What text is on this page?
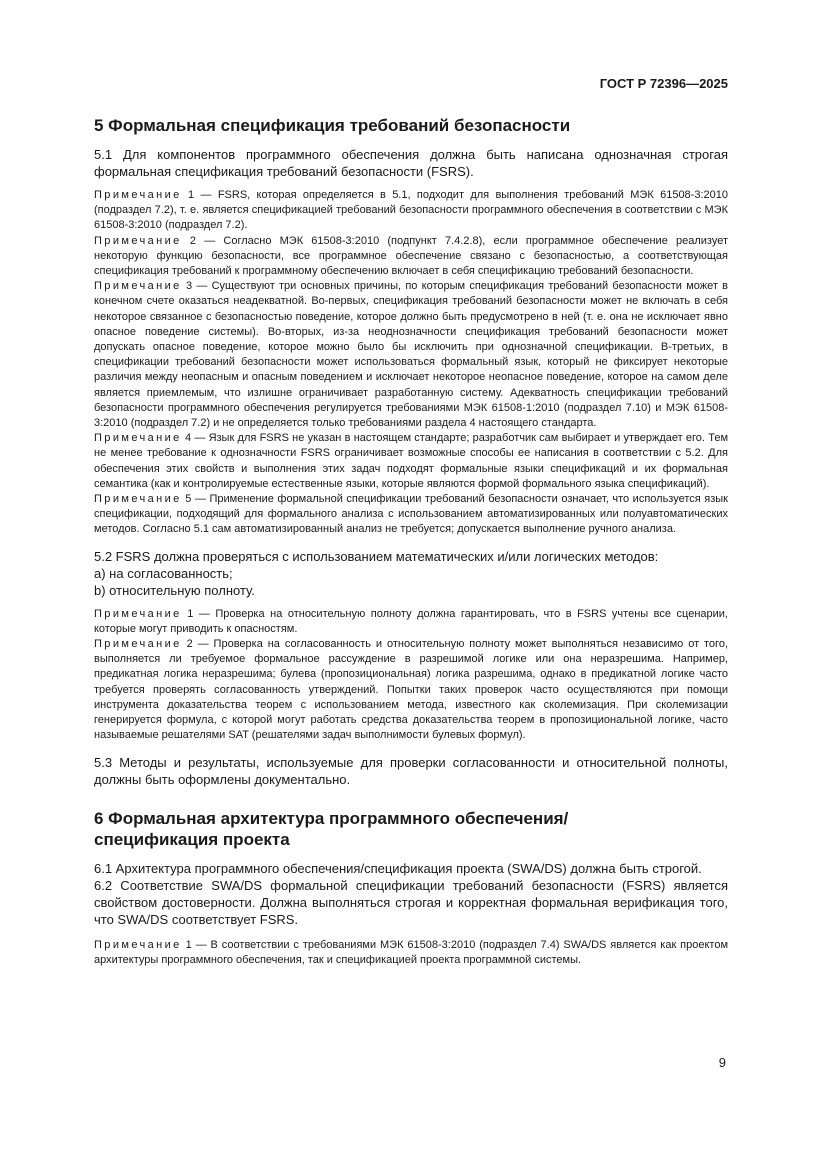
ГОСТ Р 72396—2025
5 Формальная спецификация требований безопасности

5.1 Для компонентов программного обеспечения должна быть написана однозначная строгая формальная спецификация требований безопасности (FSRS).

Примечание 1 — FSRS, которая определяется в 5.1, подходит для выполнения требований МЭК 61508-3:2010 (подраздел 7.2), т. е. является спецификацией требований безопасности программного обеспечения в соответствии с МЭК 61508-3:2010 (подраздел 7.2).

Примечание 2 — Согласно МЭК 61508-3:2010 (подпункт 7.4.2.8), если программное обеспечение реализует некоторую функцию безопасности, все программное обеспечение связано с безопасностью, а соответствующая спецификация требований к программному обеспечению включает в себя спецификацию требований безопасности.

Примечание 3 — Существуют три основных причины, по которым спецификация требований безопасности может в конечном счете оказаться неадекватной. Во-первых, спецификация требований безопасности может не включать в себя некоторое связанное с безопасностью поведение, которое должно быть предусмотрено в ней (т. е. она не исключает явно опасное поведение системы). Во-вторых, из-за неоднозначности спецификация требований безопасности может допускать опасное поведение, которое можно было бы исключить при однозначной спецификации. В-третьих, в спецификации требований безопасности может использоваться формальный язык, который не фиксирует некоторые различия между неопасным и опасным поведением и исключает некоторое неопасное поведение, которое на самом деле является приемлемым, что излишне ограничивает разработанную систему. Адекватность спецификации требований безопасности программного обеспечения регулируется требованиями МЭК 61508-1:2010 (подраздел 7.10) и МЭК 61508-3:2010 (подраздел 7.2) и не определяется только требованиями раздела 4 настоящего стандарта.

Примечание 4 — Язык для FSRS не указан в настоящем стандарте; разработчик сам выбирает и утверждает его. Тем не менее требование к однозначности FSRS ограничивает возможные способы ее написания в соответствии с 5.2. Для обеспечения этих свойств и выполнения этих задач подходят формальные языки спецификаций и их формальная семантика (как и контролируемые естественные языки, которые являются формой формального языка спецификаций).

Примечание 5 — Применение формальной спецификации требований безопасности означает, что используется язык спецификации, подходящий для формального анализа с использованием автоматизированных или полуавтоматических методов. Согласно 5.1 сам автоматизированный анализ не требуется; допускается выполнение ручного анализа.

5.2 FSRS должна проверяться с использованием математических и/или логических методов:

a) на согласованность;

b) относительную полноту.

Примечание 1 — Проверка на относительную полноту должна гарантировать, что в FSRS учтены все сценарии, которые могут приводить к опасностям.

Примечание 2 — Проверка на согласованность и относительную полноту может выполняться независимо от того, выполняется ли требуемое формальное рассуждение в разрешимой логике или она неразрешима. Например, предикатная логика неразрешима; булева (пропозициональная) логика разрешима, однако в предикатной логике часто требуется проверять согласованность утверждений. Попытки таких проверок часто осуществляются при помощи инструмента доказательства теорем с использованием метода, известного как сколемизация. При сколемизации генерируется формула, с которой могут работать средства доказательства теорем в пропозициональной логике, часто называемые решателями SAT (решателями задач выполнимости булевых формул).

5.3 Методы и результаты, используемые для проверки согласованности и относительной полноты, должны быть оформлены документально.

6 Формальная архитектура программного обеспечения/
спецификация проекта

6.1 Архитектура программного обеспечения/спецификация проекта (SWA/DS) должна быть строгой.

6.2 Соответствие SWA/DS формальной спецификации требований безопасности (FSRS) является свойством достоверности. Должна выполняться строгая и корректная формальная верификация того, что SWA/DS соответствует FSRS.

Примечание 1 — В соответствии с требованиями МЭК 61508-3:2010 (подраздел 7.4) SWA/DS является как проектом архитектуры программного обеспечения, так и спецификацией проекта программной системы.

9
